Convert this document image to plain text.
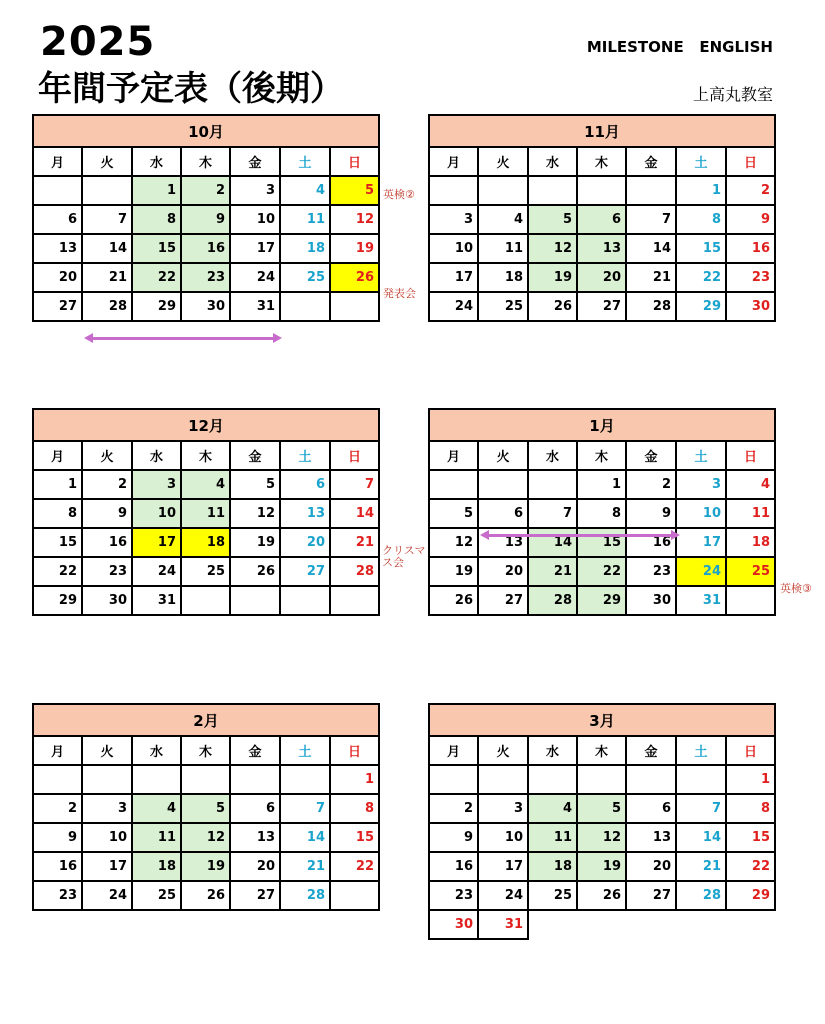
2025
年間予定表（後期）
MILESTONE   ENGLISH
上高丸教室
10月						
月	火	水	木	金	土	日
		1	2	3	4	5
6	7	8	9	10	11	12
13	14	15	16	17	18	19
20	21	22	23	24	25	26
27	28	29	30	31		
11月						
月	火	水	木	金	土	日
					1	2
3	4	5	6	7	8	9
10	11	12	13	14	15	16
17	18	19	20	21	22	23
24	25	26	27	28	29	30
12月						
月	火	水	木	金	土	日
1	2	3	4	5	6	7
8	9	10	11	12	13	14
15	16	17	18	19	20	21
22	23	24	25	26	27	28
29	30	31				
1月						
月	火	水	木	金	土	日
			1	2	3	4
5	6	7	8	9	10	11
12	13	14	15	16	17	18
19	20	21	22	23	24	25
26	27	28	29	30	31	
2月						
月	火	水	木	金	土	日
						1
2	3	4	5	6	7	8
9	10	11	12	13	14	15
16	17	18	19	20	21	22
23	24	25	26	27	28	
3月						
月	火	水	木	金	土	日
						1
2	3	4	5	6	7	8
9	10	11	12	13	14	15
16	17	18	19	20	21	22
23	24	25	26	27	28	29
30	31					
英検②
発表会
クリスマ
ス会
英検③
